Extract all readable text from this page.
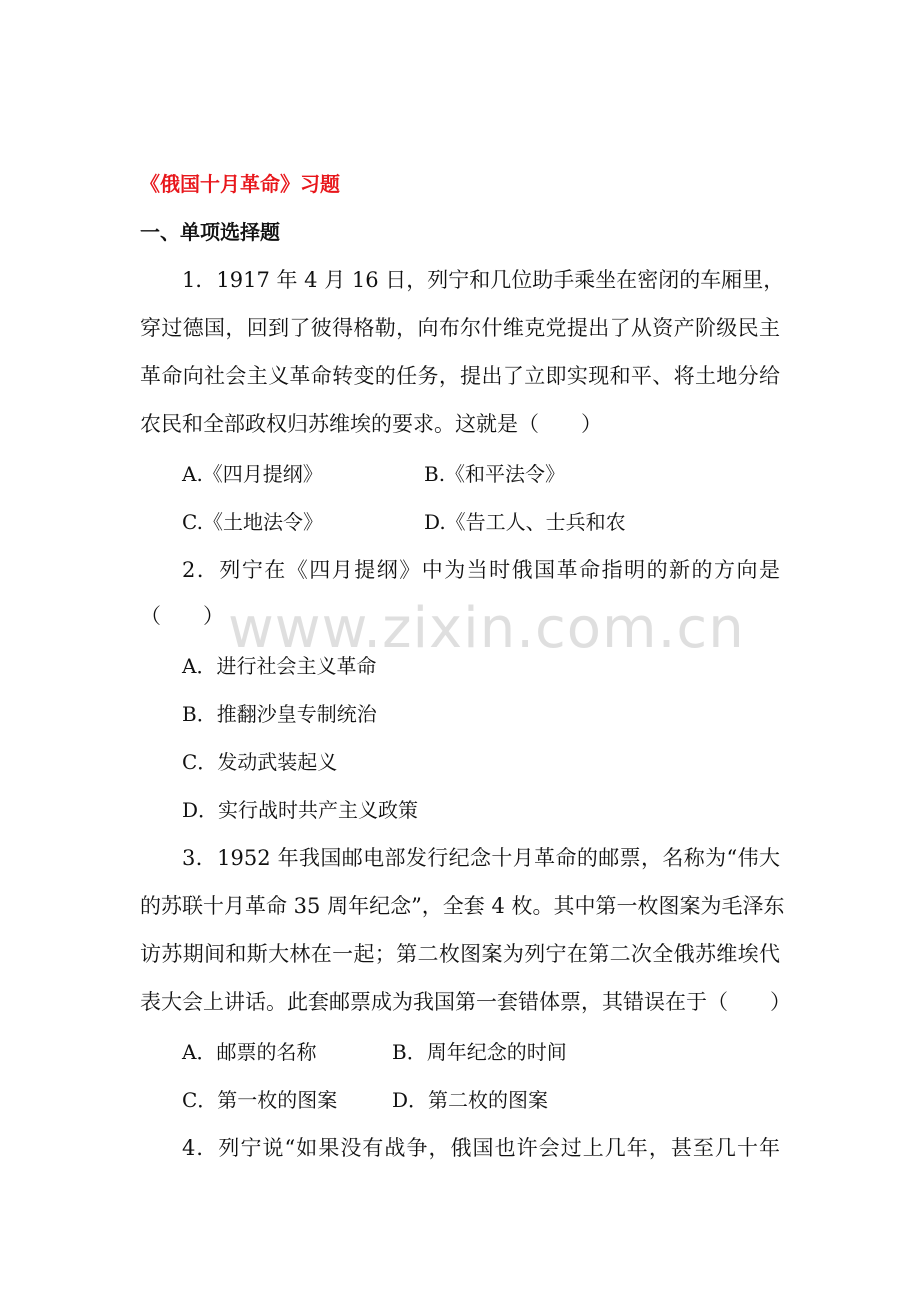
《俄国十月革命》习题
一、单项选择题
1．1917 年 4 月 16 日，列宁和几位助手乘坐在密闭的车厢里，
穿过德国，回到了彼得格勒，向布尔什维克党提出了从资产阶级民主
革命向社会主义革命转变的任务，提出了立即实现和平、将土地分给
农民和全部政权归苏维埃的要求。这就是（　　）
A.《四月提纲》	B.《和平法令》
C.《土地法令》	D.《告工人、士兵和农
2．列宁在《四月提纲》中为当时俄国革命指明的新的方向是
（　　）
A．进行社会主义革命
B．推翻沙皇专制统治
C．发动武装起义
D．实行战时共产主义政策
3．1952 年我国邮电部发行纪念十月革命的邮票，名称为“伟大
的苏联十月革命 35 周年纪念”，全套 4 枚。其中第一枚图案为毛泽东
访苏期间和斯大林在一起；第二枚图案为列宁在第二次全俄苏维埃代
表大会上讲话。此套邮票成为我国第一套错体票，其错误在于（　　）
A．邮票的名称	B．周年纪念的时间
C．第一枚的图案	D．第二枚的图案
4．列宁说“如果没有战争，俄国也许会过上几年，甚至几十年
www.zixin.com.cn
